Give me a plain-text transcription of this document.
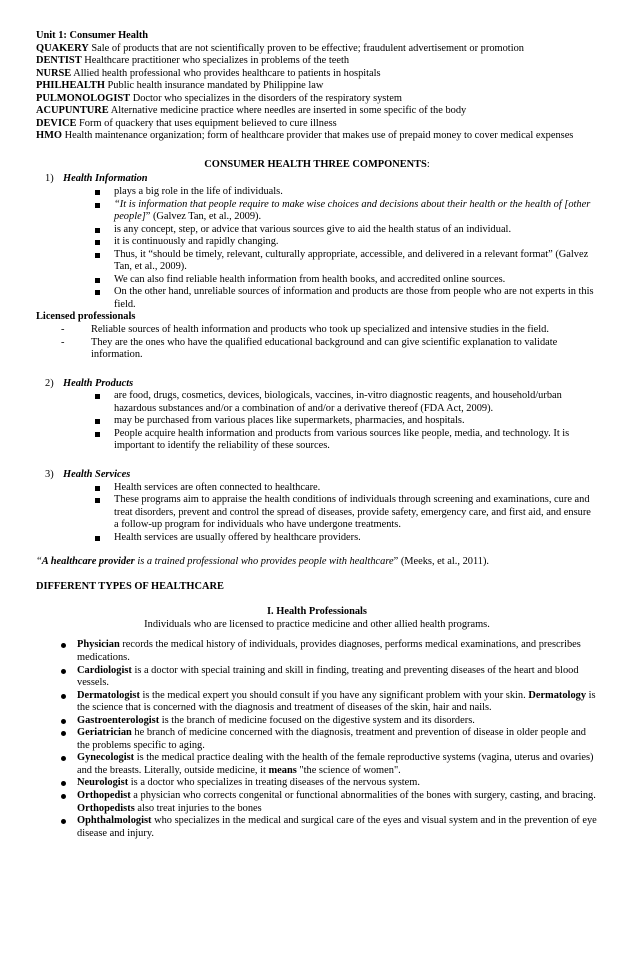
Unit 1: Consumer Health

QUAKERY Sale of products that are not scientifically proven to be effective; fraudulent advertisement or promotion

DENTIST Healthcare practitioner who specializes in problems of the teeth

NURSE Allied health professional who provides healthcare to patients in hospitals

PHILHEALTH Public health insurance mandated by Philippine law

PULMONOLOGIST Doctor who specializes in the disorders of the respiratory system

ACUPUNTURE Alternative medicine practice where needles are inserted in some specific of the body

DEVICE Form of quackery that uses equipment believed to cure illness

HMO Health maintenance organization; form of healthcare provider that makes use of prepaid money to cover medical expenses

CONSUMER HEALTH THREE COMPONENTS:

1) Health Information
plays a big role in the life of individuals.
“It is information that people require to make wise choices and decisions about their health or the health of [other people]” (Galvez Tan, et al., 2009).
is any concept, step, or advice that various sources give to aid the health status of an individual.
it is continuously and rapidly changing.
Thus, it “should be timely, relevant, culturally appropriate, accessible, and delivered in a relevant format” (Galvez Tan, et al., 2009).
We can also find reliable health information from health books, and accredited online sources.
On the other hand, unreliable sources of information and products are those from people who are not experts in this field.

Licensed professionals

- Reliable sources of health information and products who took up specialized and intensive studies in the field.
- They are the ones who have the qualified educational background and can give scientific explanation to validate information.
2) Health Products
are food, drugs, cosmetics, devices, biologicals, vaccines, in-vitro diagnostic reagents, and household/urban hazardous substances and/or a combination of and/or a derivative thereof (FDA Act, 2009).
may be purchased from various places like supermarkets, pharmacies, and hospitals.
People acquire health information and products from various sources like people, media, and technology. It is important to identify the reliability of these sources.
3) Health Services
Health services are often connected to healthcare.
These programs aim to appraise the health conditions of individuals through screening and examinations, cure and treat disorders, prevent and control the spread of diseases, provide safety, emergency care, and first aid, and ensure a follow-up program for individuals who have undergone treatments.
Health services are usually offered by healthcare providers.

“A healthcare provider is a trained professional who provides people with healthcare” (Meeks, et al., 2011).

DIFFERENT TYPES OF HEALTHCARE

I. Health Professionals

Individuals who are licensed to practice medicine and other allied health programs.

Physician records the medical history of individuals, provides diagnoses, performs medical examinations, and prescribes medications.
Cardiologist is a doctor with special training and skill in finding, treating and preventing diseases of the heart and blood vessels.
Dermatologist is the medical expert you should consult if you have any significant problem with your skin. Dermatology is the science that is concerned with the diagnosis and treatment of diseases of the skin, hair and nails.
Gastroenterologist is the branch of medicine focused on the digestive system and its disorders.
Geriatrician he branch of medicine concerned with the diagnosis, treatment and prevention of disease in older people and the problems specific to aging.
Gynecologist is the medical practice dealing with the health of the female reproductive systems (vagina, uterus and ovaries) and the breasts. Literally, outside medicine, it means "the science of women".
Neurologist is a doctor who specializes in treating diseases of the nervous system.
Orthopedist a physician who corrects congenital or functional abnormalities of the bones with surgery, casting, and bracing. Orthopedists also treat injuries to the bones
Ophthalmologist who specializes in the medical and surgical care of the eyes and visual system and in the prevention of eye disease and injury.
